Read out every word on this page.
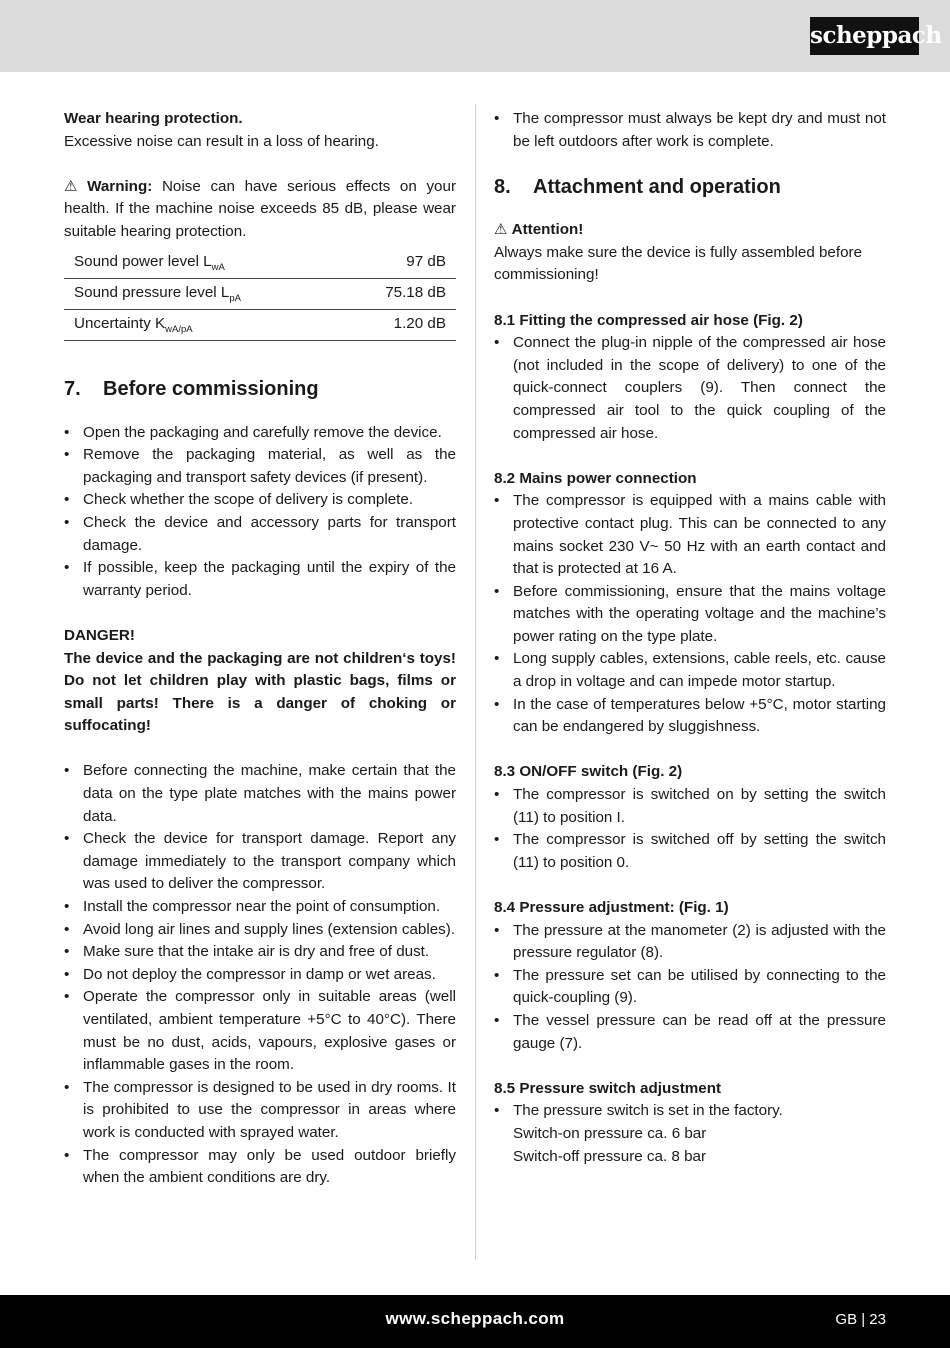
scheppach

Wear hearing protection.

Excessive noise can result in a loss of hearing.

⚠ Warning: Noise can have serious effects on your health. If the machine noise exceeds 85 dB, please wear suitable hearing protection.

Sound power level $L_{wA}$	97 dB
Sound pressure level $L_{pA}$	75.18 dB
Uncertainty $K_{wA/pA}$	1.20 dB
7. Before commissioning
• Open the packaging and carefully remove the device.
• Remove the packaging material, as well as the packaging and transport safety devices (if present).
• Check whether the scope of delivery is complete.
• Check the device and accessory parts for transport damage.
• If possible, keep the packaging until the expiry of the warranty period.

DANGER!

The device and the packaging are not children‘s toys! Do not let children play with plastic bags, films or small parts! There is a danger of choking or suffocating!

• Before connecting the machine, make certain that the data on the type plate matches with the mains power data.
• Check the device for transport damage. Report any damage immediately to the transport company which was used to deliver the compressor.
• Install the compressor near the point of consumption.
• Avoid long air lines and supply lines (extension cables).
• Make sure that the intake air is dry and free of dust.
• Do not deploy the compressor in damp or wet areas.
• Operate the compressor only in suitable areas (well ventilated, ambient temperature +5°C to 40°C). There must be no dust, acids, vapours, explosive gases or inflammable gases in the room.
• The compressor is designed to be used in dry rooms. It is prohibited to use the compressor in areas where work is conducted with sprayed water.
• The compressor may only be used outdoor briefly when the ambient conditions are dry.
• The compressor must always be kept dry and must not be left outdoors after work is complete.
8. Attachment and operation

⚠ Attention!

Always make sure the device is fully assembled before commissioning!

8.1 Fitting the compressed air hose (Fig. 2)

• Connect the plug-in nipple of the compressed air hose (not included in the scope of delivery) to one of the quick-connect couplers (9). Then connect the compressed air tool to the quick coupling of the compressed air hose.

8.2 Mains power connection

• The compressor is equipped with a mains cable with protective contact plug. This can be connected to any mains socket 230 V~ 50 Hz with an earth contact and that is protected at 16 A.
• Before commissioning, ensure that the mains voltage matches with the operating voltage and the machine’s power rating on the type plate.
• Long supply cables, extensions, cable reels, etc. cause a drop in voltage and can impede motor startup.
• In the case of temperatures below +5°C, motor starting can be endangered by sluggishness.

8.3 ON/OFF switch (Fig. 2)

• The compressor is switched on by setting the switch (11) to position I.
• The compressor is switched off by setting the switch (11) to position 0.

8.4 Pressure adjustment: (Fig. 1)

• The pressure at the manometer (2) is adjusted with the pressure regulator (8).
• The pressure set can be utilised by connecting to the quick-coupling (9).
• The vessel pressure can be read off at the pressure gauge (7).

8.5 Pressure switch adjustment

• The pressure switch is set in the factory.
Switch-on pressure ca. 6 bar
Switch-off pressure ca. 8 bar
www.scheppach.com	GB | 23
